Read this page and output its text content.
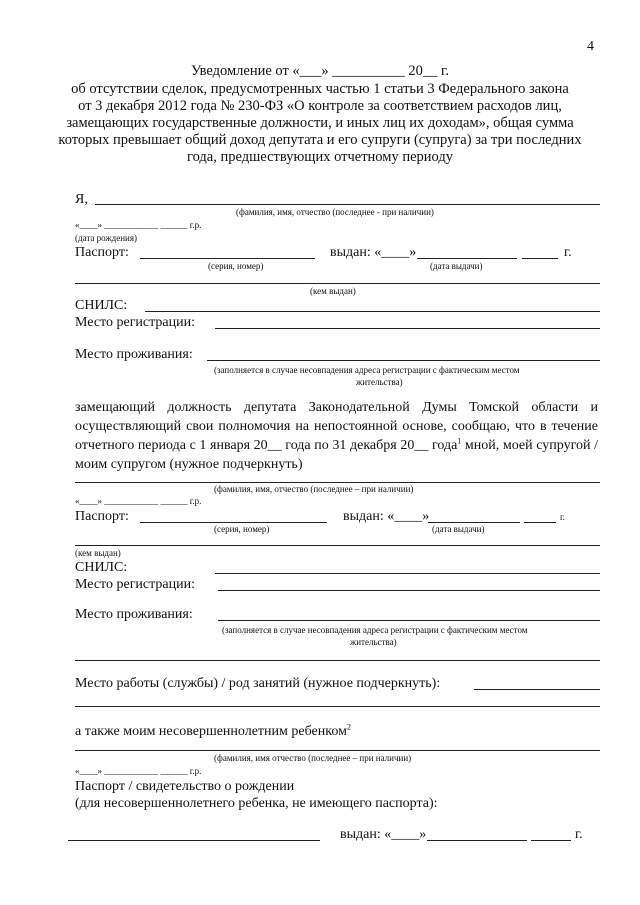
4
Уведомление от «___» __________ 20__ г.
об отсутствии сделок, предусмотренных частью 1 статьи 3 Федерального закона
от 3 декабря 2012 года № 230-ФЗ «О контроле за соответствием расходов лиц,
замещающих государственные должности, и иных лиц их доходам», общая сумма
которых превышает общий доход депутата и его супруги (супруга) за три последних
года, предшествующих отчетному периоду
Я,
(фамилия, имя, отчество (последнее - при наличии)
«____» ____________ ______ г.р.
(дата рождения)
Паспорт:	выдан: «____»	г.
(серия, номер)	(дата выдачи)
(кем выдан)
СНИЛС:
Место регистрации:
Место проживания:
(заполняется в случае несовпадения адреса регистрации с фактическим местом
жительства)
замещающий должность депутата Законодательной Думы Томской области и осуществляющий свои полномочия на непостоянной основе, сообщаю, что в течение отчетного периода с 1 января 20__ года по 31 декабря 20__ года$^1$ мной, моей супругой / моим супругом (нужное подчеркнуть)
(фамилия, имя, отчество (последнее – при наличии)
«____» ____________ ______ г.р.
Паспорт:	выдан: «____»	г.
(серия, номер)	(дата выдачи)
(кем выдан)
СНИЛС:
Место регистрации:
Место проживания:
(заполняется в случае несовпадения адреса регистрации с фактическим местом
жительства)
Место работы (службы) / род занятий (нужное подчеркнуть):
а также моим несовершеннолетним ребенком$^2$
(фамилия, имя отчество (последнее – при наличии)
«____» ____________ ______ г.р.
Паспорт / свидетельство о рождении
(для несовершеннолетнего ребенка, не имеющего паспорта):
выдан: «____»	г.
